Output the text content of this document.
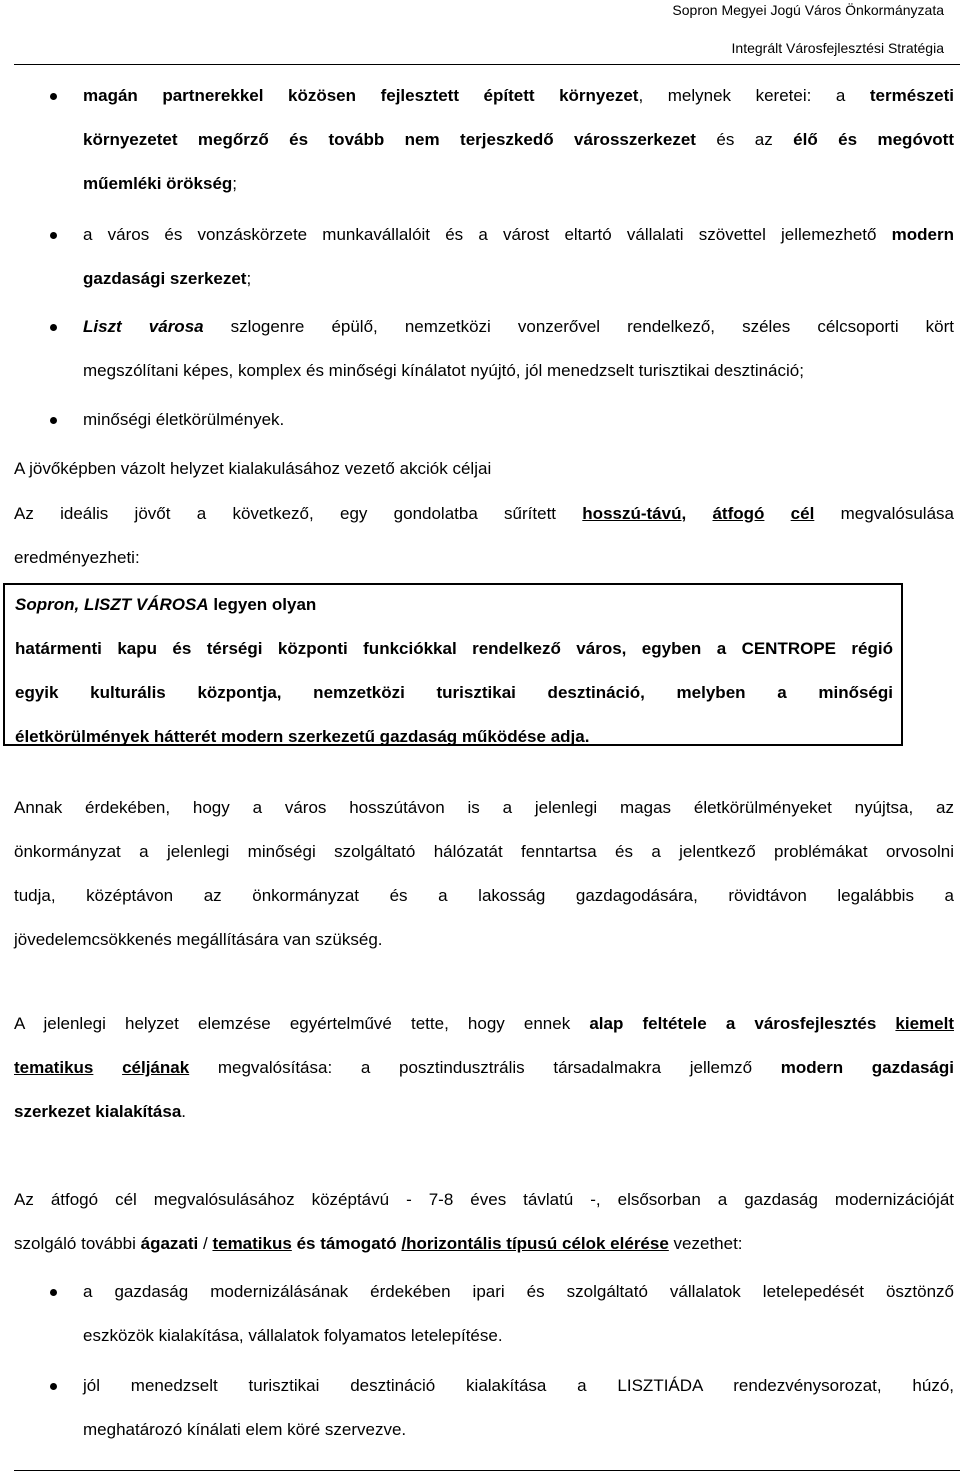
Sopron Megyei Jogú Város Önkormányzata
Integrált Városfejlesztési Stratégia

magán partnerekkel közösen fejlesztett épített környezet, melynek keretei: a természeti

környezetet megőrző és tovább nem terjeszkedő városszerkezet és az élő és megóvott

műemléki örökség;

a város és vonzáskörzete munkavállalóit és a várost eltartó vállalati szövettel jellemezhető modern

gazdasági szerkezet;

Liszt városa szlogenre épülő, nemzetközi vonzerővel rendelkező, széles célcsoporti kört

megszólítani képes, komplex és minőségi kínálatot nyújtó, jól menedzselt turisztikai desztináció;

minőségi életkörülmények.

A jövőképben vázolt helyzet kialakulásához vezető akciók céljai

Az ideális jövőt a következő, egy gondolatba sűrített hosszú-távú, átfogó cél megvalósulása

eredményezheti:

Sopron, LISZT VÁROSA legyen olyan
határmenti kapu és térségi központi funkciókkal rendelkező város, egyben a CENTROPE régió
egyik kulturális központja, nemzetközi turisztikai desztináció, melyben a minőségi
életkörülmények hátterét modern szerkezetű gazdaság működése adja.

Annak érdekében, hogy a város hosszútávon is a jelenlegi magas életkörülményeket nyújtsa, az

önkormányzat a jelenlegi minőségi szolgáltató hálózatát fenntartsa és a jelentkező problémákat orvosolni

tudja, középtávon az önkormányzat és a lakosság gazdagodására, rövidtávon legalábbis a

jövedelemcsökkenés megállítására van szükség.

A jelenlegi helyzet elemzése egyértelművé tette, hogy ennek alap feltétele a városfejlesztés kiemelt

tematikus céljának megvalósítása: a posztindusztrális társadalmakra jellemző modern gazdasági

szerkezet kialakítása.

Az átfogó cél megvalósulásához középtávú - 7-8 éves távlatú -, elsősorban a gazdaság modernizációját

szolgáló további ágazati / tematikus és támogató /horizontális típusú célok elérése vezethet:

a gazdaság modernizálásának érdekében ipari és szolgáltató vállalatok letelepedését ösztönző

eszközök kialakítása, vállalatok folyamatos letelepítése.

jól menedzselt turisztikai desztináció kialakítása a LISZTIÁDA rendezvénysorozat, húzó,

meghatározó kínálati elem köré szervezve.
